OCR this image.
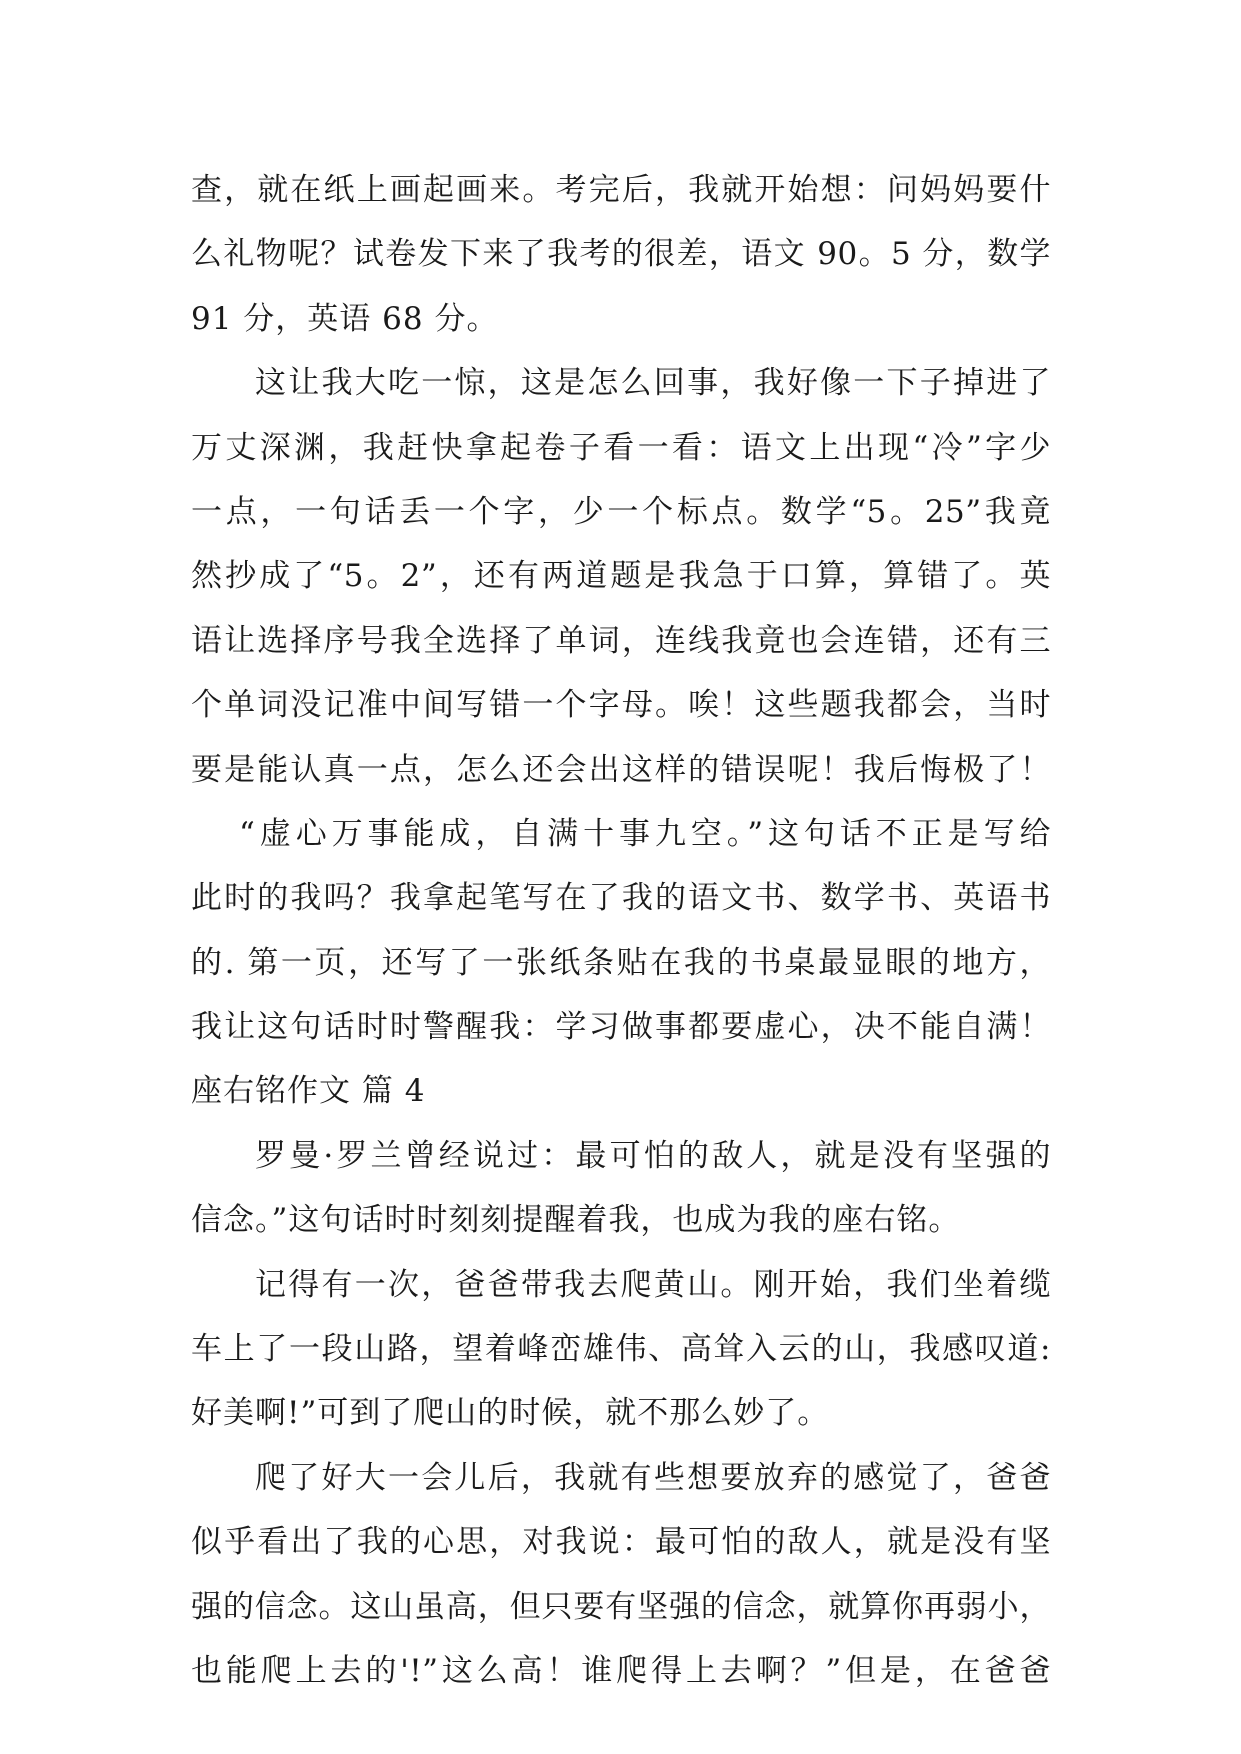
查，就在纸上画起画来。考完后，我就开始想：问妈妈要什
么礼物呢？试卷发下来了我考的很差，语文 90。5 分，数学
91 分，英语 68 分。
这让我大吃一惊，这是怎么回事，我好像一下子掉进了
万丈深渊，我赶快拿起卷子看一看：语文上出现“冷”字少
一点，一句话丢一个字，少一个标点。数学“5。25”我竟
然抄成了“5。2”，还有两道题是我急于口算，算错了。英
语让选择序号我全选择了单词，连线我竟也会连错，还有三
个单词没记准中间写错一个字母。唉！这些题我都会，当时
要是能认真一点，怎么还会出这样的错误呢！我后悔极了！
“虚心万事能成，自满十事九空。”这句话不正是写给
此时的我吗？我拿起笔写在了我的语文书、数学书、英语书
的. 第一页，还写了一张纸条贴在我的书桌最显眼的地方，
我让这句话时时警醒我：学习做事都要虚心，决不能自满！
座右铭作文 篇 4
罗曼·罗兰曾经说过：最可怕的敌人，就是没有坚强的
信念。”这句话时时刻刻提醒着我，也成为我的座右铭。
记得有一次，爸爸带我去爬黄山。刚开始，我们坐着缆
车上了一段山路，望着峰峦雄伟、高耸入云的山，我感叹道:
好美啊!”可到了爬山的时候，就不那么妙了。
爬了好大一会儿后，我就有些想要放弃的感觉了，爸爸
似乎看出了我的心思，对我说：最可怕的敌人，就是没有坚
强的信念。这山虽高，但只要有坚强的信念，就算你再弱小，
也能爬上去的'!”这么高！谁爬得上去啊？”但是，在爸爸
